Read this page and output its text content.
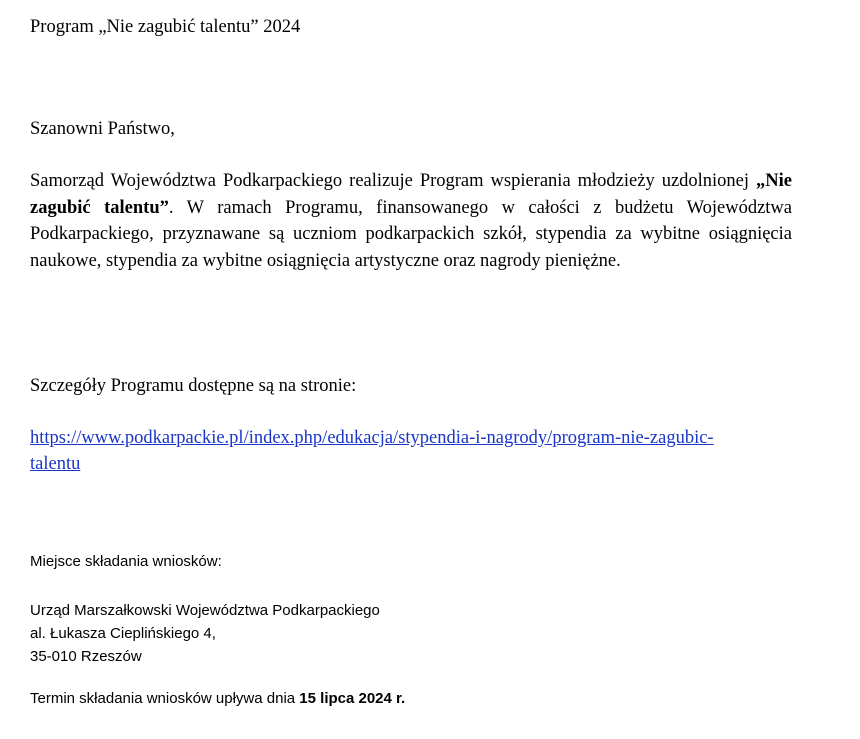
Program „Nie zagubić talentu” 2024
Szanowni Państwo,

Samorząd Województwa Podkarpackiego realizuje Program wspierania młodzieży uzdolnionej „Nie zagubić talentu”. W ramach Programu, finansowanego w całości z budżetu Województwa Podkarpackiego, przyznawane są uczniom podkarpackich szkół, stypendia za wybitne osiągnięcia naukowe, stypendia za wybitne osiągnięcia artystyczne oraz nagrody pieniężne.

Szczegóły Programu dostępne są na stronie:
https://www.podkarpackie.pl/index.php/edukacja/stypendia-i-nagrody/program-nie-zagubic-
talentu
Miejsce składania wniosków:
Urząd Marszałkowski Województwa Podkarpackiego
al. Łukasza Cieplińskiego 4,
35-010 Rzeszów
Termin składania wniosków upływa dnia 15 lipca 2024 r.
